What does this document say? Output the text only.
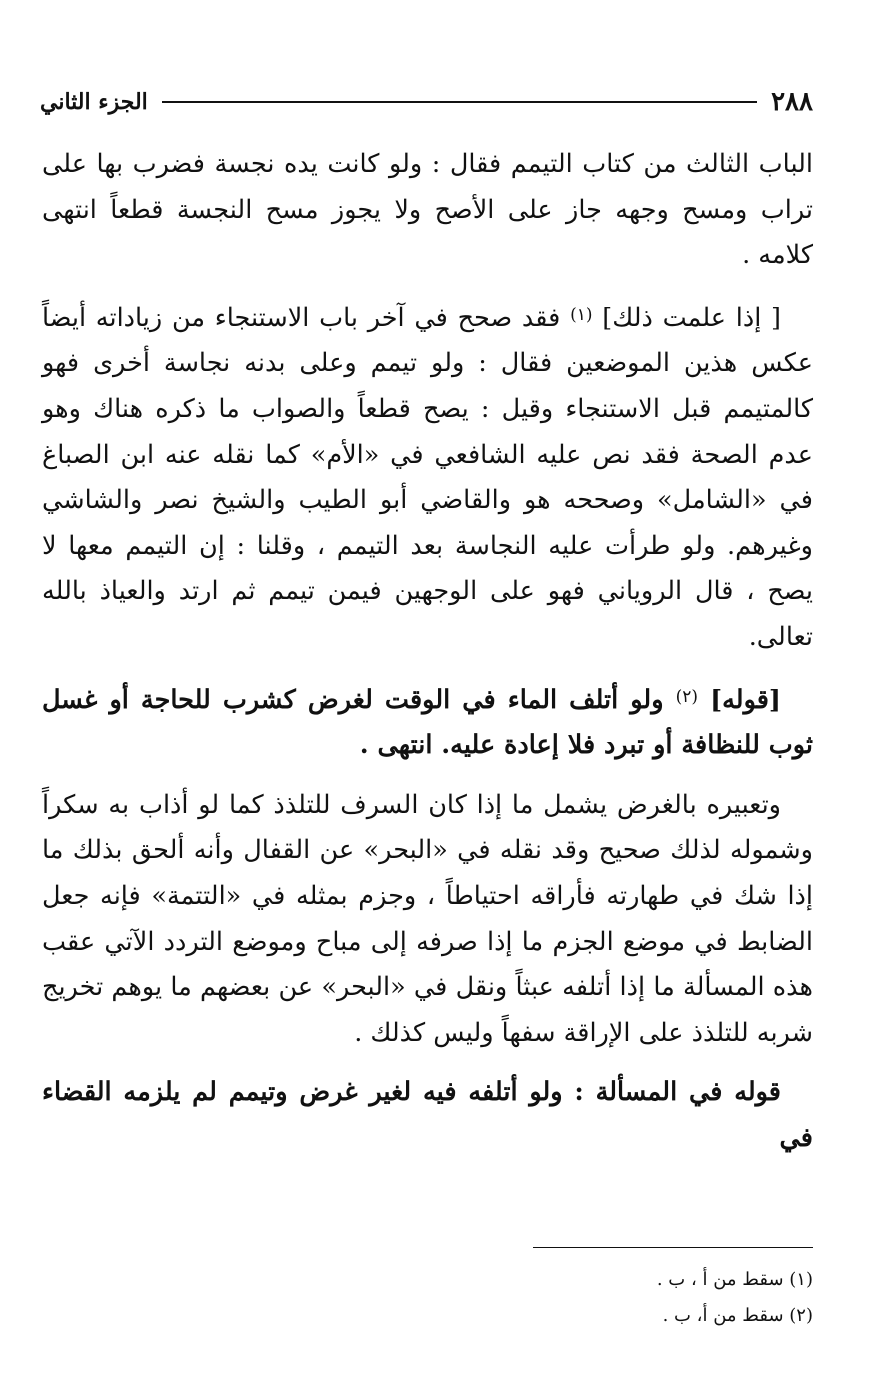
٢٨٨
الجزء الثاني

الباب الثالث من كتاب التيمم فقال : ولو كانت يده نجسة فضرب بها على تراب ومسح وجهه جاز على الأصح ولا يجوز مسح النجسة قطعاً انتهى كلامه .

[ إذا علمت ذلك] $^{(١)}$ فقد صحح في آخر باب الاستنجاء من زياداته أيضاً عكس هذين الموضعين فقال : ولو تيمم وعلى بدنه نجاسة أخرى فهو كالمتيمم قبل الاستنجاء وقيل : يصح قطعاً والصواب ما ذكره هناك وهو عدم الصحة فقد نص عليه الشافعي في «الأم» كما نقله عنه ابن الصباغ في «الشامل» وصححه هو والقاضي أبو الطيب والشيخ نصر والشاشي وغيرهم. ولو طرأت عليه النجاسة بعد التيمم ، وقلنا : إن التيمم معها لا يصح ، قال الروياني فهو على الوجهين فيمن تيمم ثم ارتد والعياذ بالله تعالى.

[قوله] $^{(٢)}$ ولو أتلف الماء في الوقت لغرض كشرب للحاجة أو غسل ثوب للنظافة أو تبرد فلا إعادة عليه. انتهى .

وتعبيره بالغرض يشمل ما إذا كان السرف للتلذذ كما لو أذاب به سكراً وشموله لذلك صحيح وقد نقله في «البحر» عن القفال وأنه ألحق بذلك ما إذا شك في طهارته فأراقه احتياطاً ، وجزم بمثله في «التتمة» فإنه جعل الضابط في موضع الجزم ما إذا صرفه إلى مباح وموضع التردد الآتي عقب هذه المسألة ما إذا أتلفه عبثاً ونقل في «البحر» عن بعضهم ما يوهم تخريج شربه للتلذذ على الإراقة سفهاً وليس كذلك .

قوله في المسألة : ولو أتلفه فيه لغير غرض وتيمم لم يلزمه القضاء في

(١) سقط من أ ، ب .

(٢) سقط من أ، ب .
